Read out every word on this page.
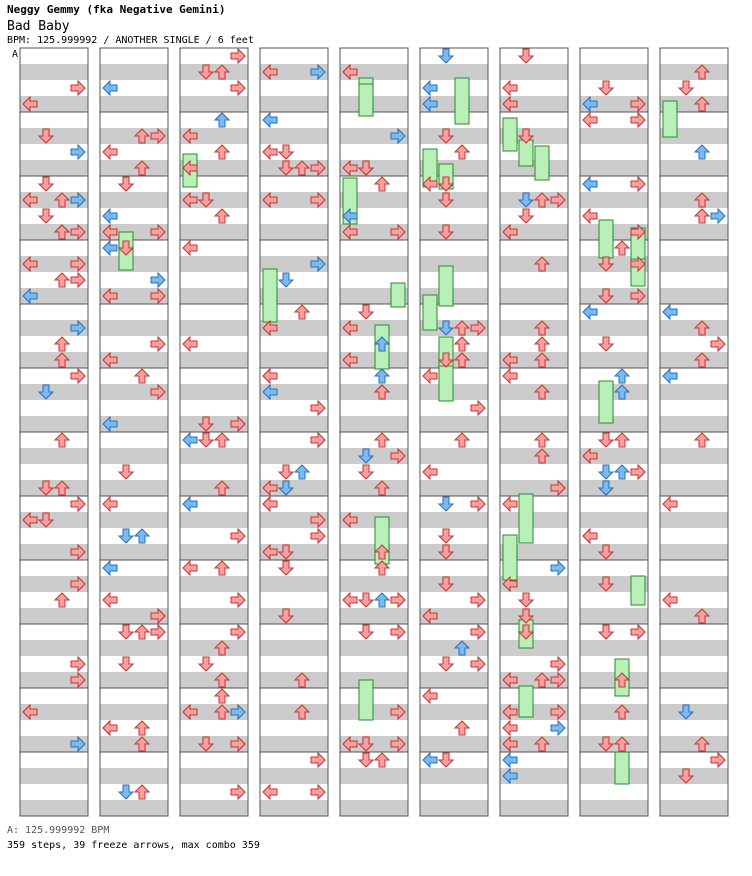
Neggy Gemmy (fka Negative Gemini)
Bad Baby
BPM: 125.999992 / ANOTHER SINGLE / 6 feet
A
A: 125.999992 BPM
359 steps, 39 freeze arrows, max combo 359
